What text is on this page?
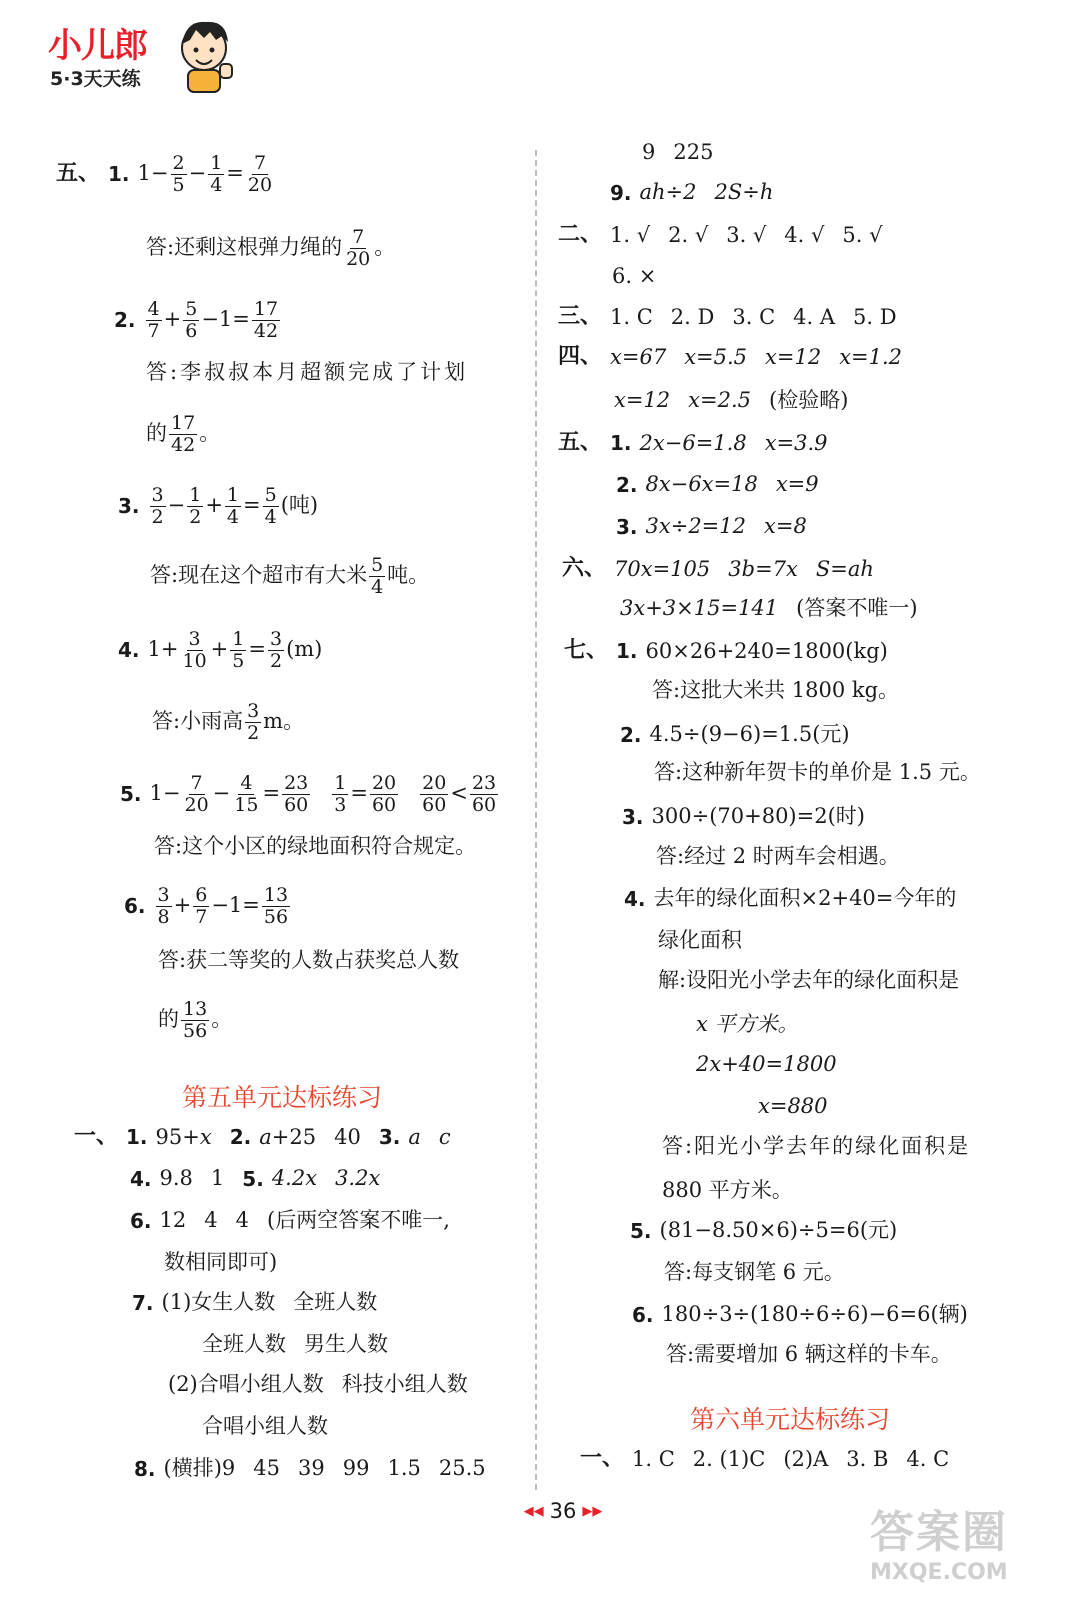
小儿郎
5·3天天练
五、 1. $1- \frac{2}{5} - \frac{1}{4} = \frac{7}{20}$
答:还剩这根弹力绳的 $\frac{7}{20}$ 。
2. $\frac{4}{7} + \frac{5}{6} -1= \frac{17}{42}$
答:李叔叔本月超额完成了计划
的 $\frac{17}{42}$ 。
3. $\frac{3}{2} - \frac{1}{2} + \frac{1}{4} = \frac{5}{4}$ (吨)
答:现在这个超市有大米 $\frac{5}{4}$ 吨。
4. $1+ \frac{3}{10} + \frac{1}{5} = \frac{3}{2} (m)$
答:小雨高 $\frac{3}{2}$ m。
5. $1- \frac{7}{20} - \frac{4}{15} = \frac{23}{60} \frac{1}{3} = \frac{20}{60} \frac{20}{60} < \frac{23}{60}$
答:这个小区的绿地面积符合规定。
6. $\frac{3}{8} + \frac{6}{7} -1= \frac{13}{56}$
答:获二等奖的人数占获奖总人数
的 $\frac{13}{56}$ 。
第五单元达标练习
一、 1. 95+ x 2. a +25 40 3. a c
4. 9.8 1 5. 4.2x 3.2x
6. 12 4 4 (后两空答案不唯一,
数相同即可)
7. (1)女生人数 全班人数
全班人数 男生人数
(2)合唱小组人数 科技小组人数
合唱小组人数
8. (横排)9 45 39 99 1.5 25.5
9 225
9. ah÷2 2S÷h
二、 1. √ 2. √ 3. √ 4. √ 5. √
6. ×
三、 1. C 2. D 3. C 4. A 5. D
四、 x=67 x=5.5 x=12 x=1.2
x=12 x=2.5 (检验略)
五、 1. 2x−6=1.8 x=3.9
2. 8x−6x=18 x=9
3. 3x÷2=12 x=8
六、 70x=105 3b=7x S=ah
3x+3×15=141 (答案不唯一)
七、 1. 60×26+240=1800(kg)
答:这批大米共 1800 kg。
2. 4.5÷(9−6)=1.5(元)
答:这种新年贺卡的单价是 1.5 元。
3. 300÷(70+80)=2(时)
答:经过 2 时两车会相遇。
4. 去年的绿化面积×2+40=今年的
绿化面积
解:设阳光小学去年的绿化面积是
x 平方米。
2x+40=1800
x=880
答:阳光小学去年的绿化面积是
880 平方米。
5. (81−8.50×6)÷5=6(元)
答:每支钢笔 6 元。
6. 180÷3÷(180÷6÷6)−6=6(辆)
答:需要增加 6 辆这样的卡车。
第六单元达标练习
一、 1. C 2. (1)C (2)A 3. B 4. C
◀◀ 36 ▶▶	答案圈
MXQE.COM
